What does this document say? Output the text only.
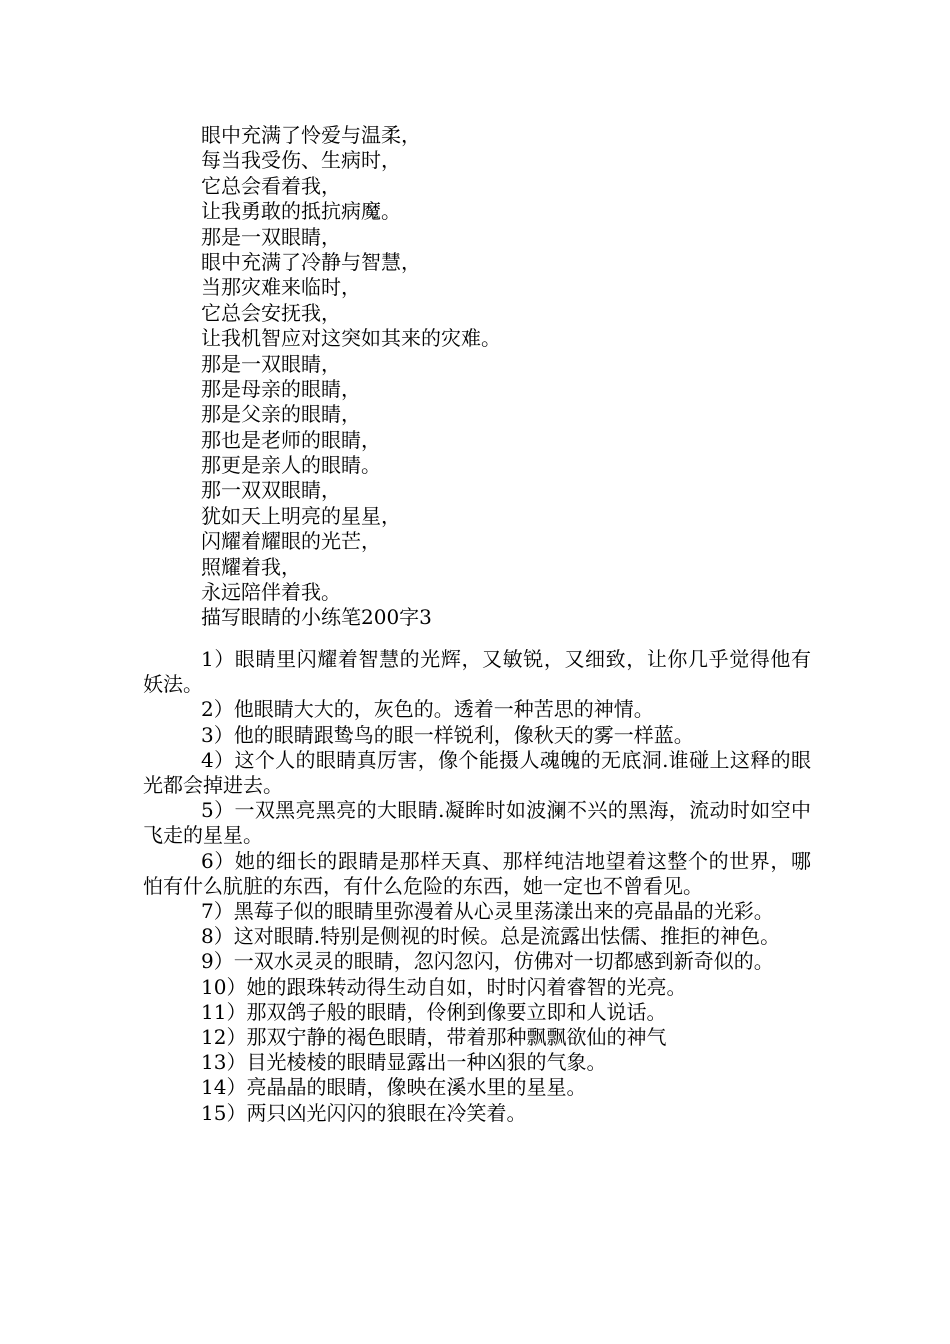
眼中充满了怜爱与温柔，
每当我受伤、生病时，
它总会看着我，
让我勇敢的抵抗病魔。
那是一双眼睛，
眼中充满了冷静与智慧，
当那灾难来临时，
它总会安抚我，
让我机智应对这突如其来的灾难。
那是一双眼睛，
那是母亲的眼睛，
那是父亲的眼睛，
那也是老师的眼睛，
那更是亲人的眼睛。
那一双双眼睛，
犹如天上明亮的星星，
闪耀着耀眼的光芒，
照耀着我，
永远陪伴着我。
描写眼睛的小练笔200字3
1）眼睛里闪耀着智慧的光辉，又敏锐，又细致，让你几乎觉得他有妖法。
2）他眼睛大大的，灰色的。透着一种苦思的神情。
3）他的眼睛跟鸷鸟的眼一样锐利，像秋天的雾一样蓝。
4）这个人的眼睛真厉害，像个能摄人魂魄的无底洞.谁碰上这释的眼光都会掉进去。
5）一双黑亮黑亮的大眼睛.凝眸时如波澜不兴的黑海，流动时如空中飞走的星星。
6）她的细长的跟睛是那样天真、那样纯洁地望着这整个的世界，哪怕有什么肮脏的东西，有什么危险的东西，她一定也不曾看见。
7）黑莓子似的眼睛里弥漫着从心灵里荡漾出来的亮晶晶的光彩。
8）这对眼睛.特别是侧视的时候。总是流露出怯儒、推拒的神色。
9）一双水灵灵的眼睛，忽闪忽闪，仿佛对一切都感到新奇似的。
10）她的跟珠转动得生动自如，时时闪着睿智的光亮。
11）那双鸽子般的眼睛，伶俐到像要立即和人说话。
12）那双宁静的褐色眼睛，带着那种飘飘欲仙的神气
13）目光棱棱的眼睛显露出一种凶狠的气象。
14）亮晶晶的眼睛，像映在溪水里的星星。
15）两只凶光闪闪的狼眼在冷笑着。
